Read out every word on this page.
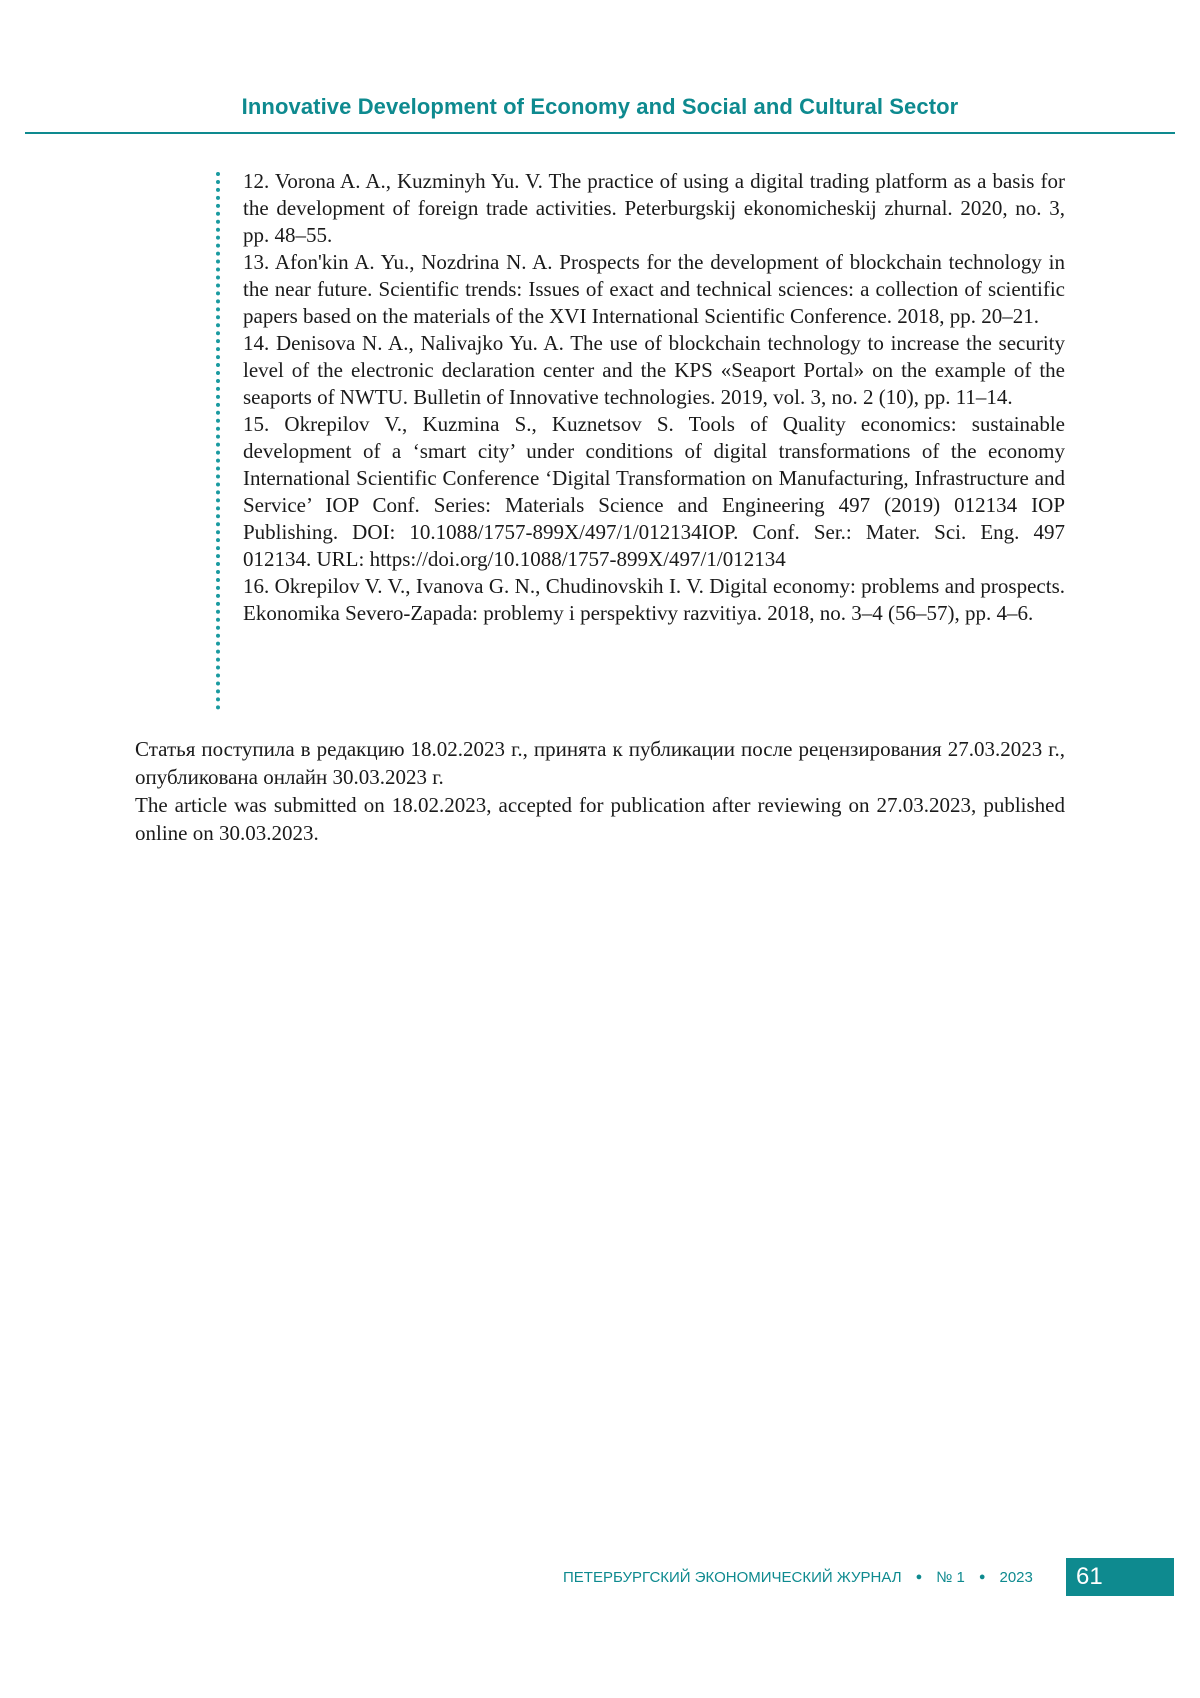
Innovative Development of Economy and Social and Cultural Sector

12. Vorona A. A., Kuzminyh Yu. V. The practice of using a digital trading platform as a basis for the development of foreign trade activities. Peterburgskij ekonomicheskij zhurnal. 2020, no. 3, pp. 48–55.

13. Afon'kin A. Yu., Nozdrina N. A. Prospects for the development of blockchain technology in the near future. Scientific trends: Issues of exact and technical sciences: a collection of scientific papers based on the materials of the XVI International Scientific Conference. 2018, pp. 20–21.

14. Denisova N. A., Nalivajko Yu. A. The use of blockchain technology to increase the security level of the electronic declaration center and the KPS «Seaport Portal» on the example of the seaports of NWTU. Bulletin of Innovative technologies. 2019, vol. 3, no. 2 (10), pp. 11–14.

15. Okrepilov V., Kuzmina S., Kuznetsov S. Tools of Quality economics: sustainable development of a ‘smart city’ under conditions of digital transformations of the economy International Scientific Conference ‘Digital Transformation on Manufacturing, Infrastructure and Service’ IOP Conf. Series: Materials Science and Engineering 497 (2019) 012134 IOP Publishing. DOI: 10.1088/1757-899X/497/1/012134IOP. Conf. Ser.: Mater. Sci. Eng. 497 012134. URL: https://doi.org/10.1088/1757-899X/497/1/012134

16. Okrepilov V. V., Ivanova G. N., Chudinovskih I. V. Digital economy: problems and prospects. Ekonomika Severo-Zapada: problemy i perspektivy razvitiya. 2018, no. 3–4 (56–57), pp. 4–6.

Статья поступила в редакцию 18.02.2023 г., принята к публикации после рецензирования 27.03.2023 г., опубликована онлайн 30.03.2023 г.

The article was submitted on 18.02.2023, accepted for publication after reviewing on 27.03.2023, published online on 30.03.2023.

ПЕТЕРБУРГСКИЙ ЭКОНОМИЧЕСКИЙ ЖУРНАЛ ● № 1 ● 2023	61
